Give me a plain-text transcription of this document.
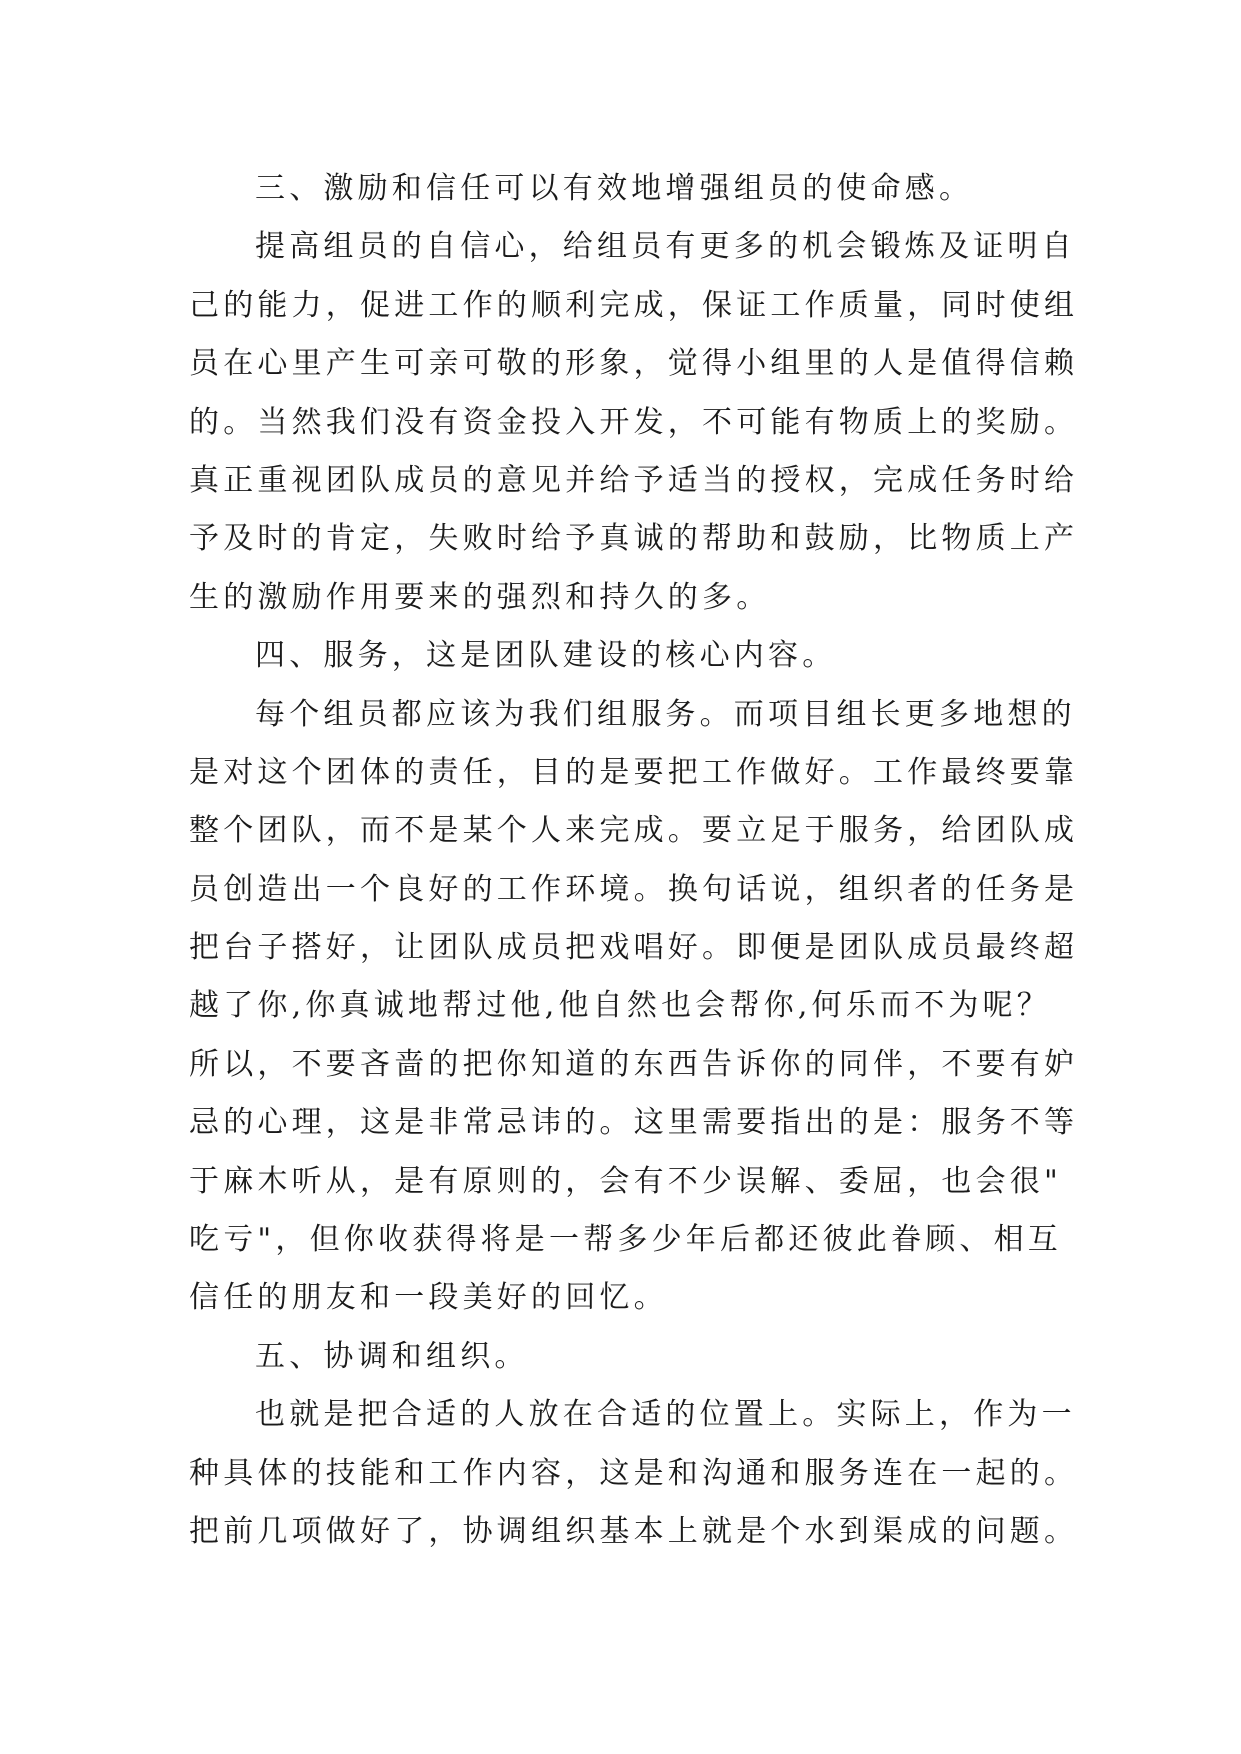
三、激励和信任可以有效地增强组员的使命感。
提高组员的自信心，给组员有更多的机会锻炼及证明自
己的能力，促进工作的顺利完成，保证工作质量，同时使组
员在心里产生可亲可敬的形象，觉得小组里的人是值得信赖
的。当然我们没有资金投入开发，不可能有物质上的奖励。
真正重视团队成员的意见并给予适当的授权，完成任务时给
予及时的肯定，失败时给予真诚的帮助和鼓励，比物质上产
生的激励作用要来的强烈和持久的多。
四、服务，这是团队建设的核心内容。
每个组员都应该为我们组服务。而项目组长更多地想的
是对这个团体的责任，目的是要把工作做好。工作最终要靠
整个团队，而不是某个人来完成。要立足于服务，给团队成
员创造出一个良好的工作环境。换句话说，组织者的任务是
把台子搭好，让团队成员把戏唱好。即便是团队成员最终超
越了你,你真诚地帮过他,他自然也会帮你,何乐而不为呢？
所以，不要吝啬的把你知道的东西告诉你的同伴，不要有妒
忌的心理，这是非常忌讳的。这里需要指出的是：服务不等
于麻木听从，是有原则的，会有不少误解、委屈，也会很"
吃亏"，但你收获得将是一帮多少年后都还彼此眷顾、相互
信任的朋友和一段美好的回忆。
五、协调和组织。
也就是把合适的人放在合适的位置上。实际上，作为一
种具体的技能和工作内容，这是和沟通和服务连在一起的。
把前几项做好了，协调组织基本上就是个水到渠成的问题。
